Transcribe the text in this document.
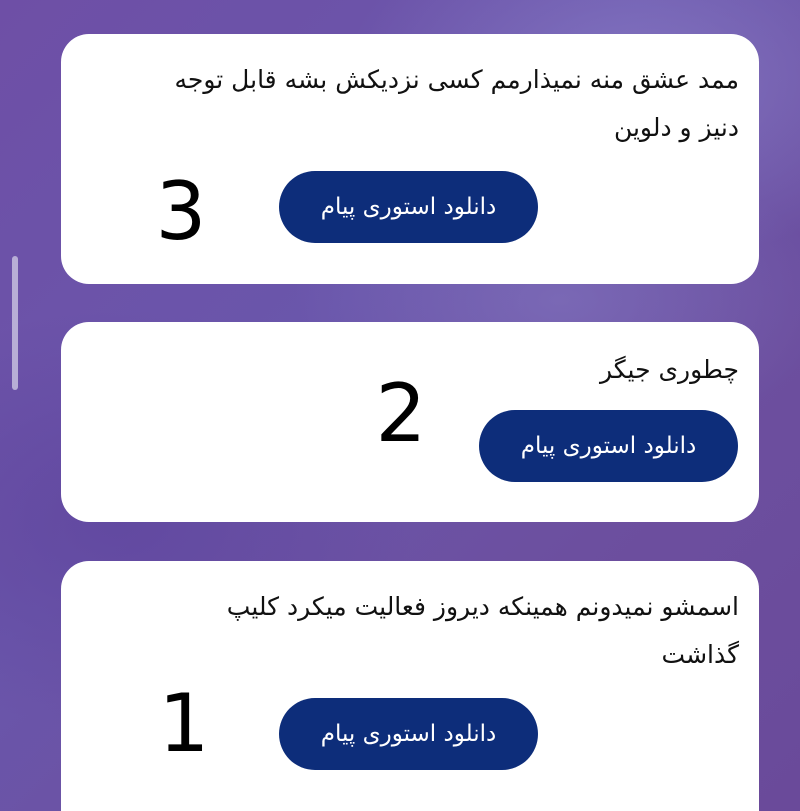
ممد عشق منه نمیذارمم کسی نزدیکش بشه قابل توجه
دنیز و دلوین
3	دانلود استوری پیام
چطوری جیگر
2	دانلود استوری پیام
اسمشو نمیدونم همینکه دیروز فعالیت میکرد کلیپ
گذاشت
1	دانلود استوری پیام
